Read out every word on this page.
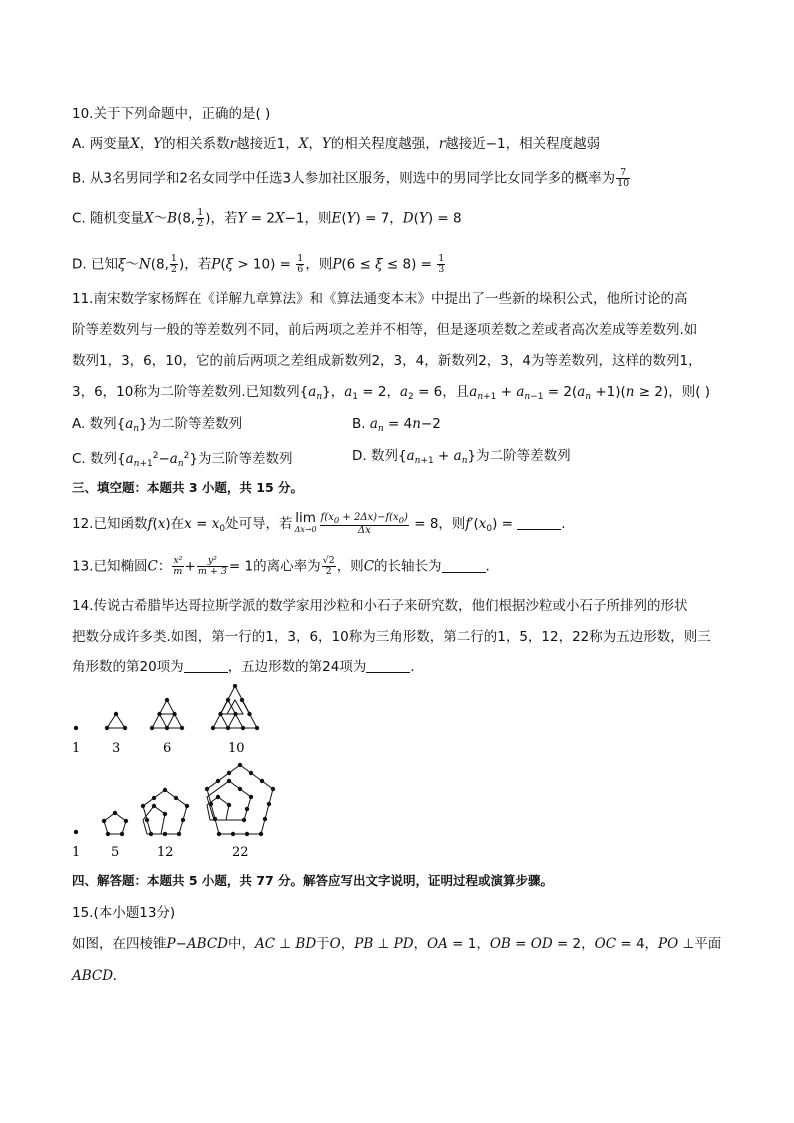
10.关于下列命题中，正确的是( )
A. 两变量X，Y的相关系数r越接近1，X，Y的相关程度越强，r越接近−1，相关程度越弱
B. 从3名男同学和2名女同学中任选3人参加社区服务，则选中的男同学比女同学多的概率为 $\frac{7}{10}$
C. 随机变量X～B(8, $\frac{1}{2}$ )，若Y = 2X−1，则E(Y) = 7，D(Y) = 8
D. 已知ξ～N(8, $\frac{1}{2}$ )，若$P(\xi > 10) = \frac{1}{6}$ ，则$P(6 \le \xi \le 8) = \frac{1}{3}$
11.南宋数学家杨辉在《详解九章算法》和《算法通变本末》中提出了一些新的垛积公式，他所讨论的高
阶等差数列与一般的等差数列不同，前后两项之差并不相等，但是逐项差数之差或者高次差成等差数列.如
数列1，3，6，10，它的前后两项之差组成新数列2，3，4，新数列2，3，4为等差数列，这样的数列1，
3，6，10称为二阶等差数列.已知数列$\{a_n\}$，$a_1 = 2$，$a_2 = 6$，且$a_{n+1} + a_{n-1} = 2(a_n +1)(n \ge 2)$，则( )
A. 数列$\{a_n\}$为二阶等差数列	B. $a_n = 4n-2$
C. 数列$\{a_{n+1}^2-a_n^2\}$为三阶等差数列	D. 数列$\{a_{n+1} + a_n\}$为二阶等差数列
三、填空题：本题共 3 小题，共 15 分。
12.已知函数f(x)在$x = x_0$处可导，若 lim
$\Delta x\to 0 \frac{f(x_0 + 2\Delta x)-f(x_0)}{\Delta x} = 8$，则$f'(x_0)$ =	.
13.已知椭圆C： $\frac{\text{x²}}{m} + \frac{\text{y²}}{m + 3} = 1$的离心率为 $\frac{√2}{2}$ ，则C的长轴长为	.
14.传说古希腊毕达哥拉斯学派的数学家用沙粒和小石子来研究数，他们根据沙粒或小石子所排列的形状
把数分成许多类.如图，第一行的1，3，6，10称为三角形数，第二行的1，5，12，22称为五边形数，则三
角形数的第20项为	，五边形数的第24项为	.
1 3	6	10
1 5	12	22
四、解答题：本题共 5 小题，共 77 分。解答应写出文字说明，证明过程或演算步骤。
15.(本小题13分)
如图，在四棱锥P−ABCD中，AC ⊥ BD于O，PB ⊥ PD，OA = 1，OB = OD = 2，OC = 4，PO ⊥平面
ABCD.
